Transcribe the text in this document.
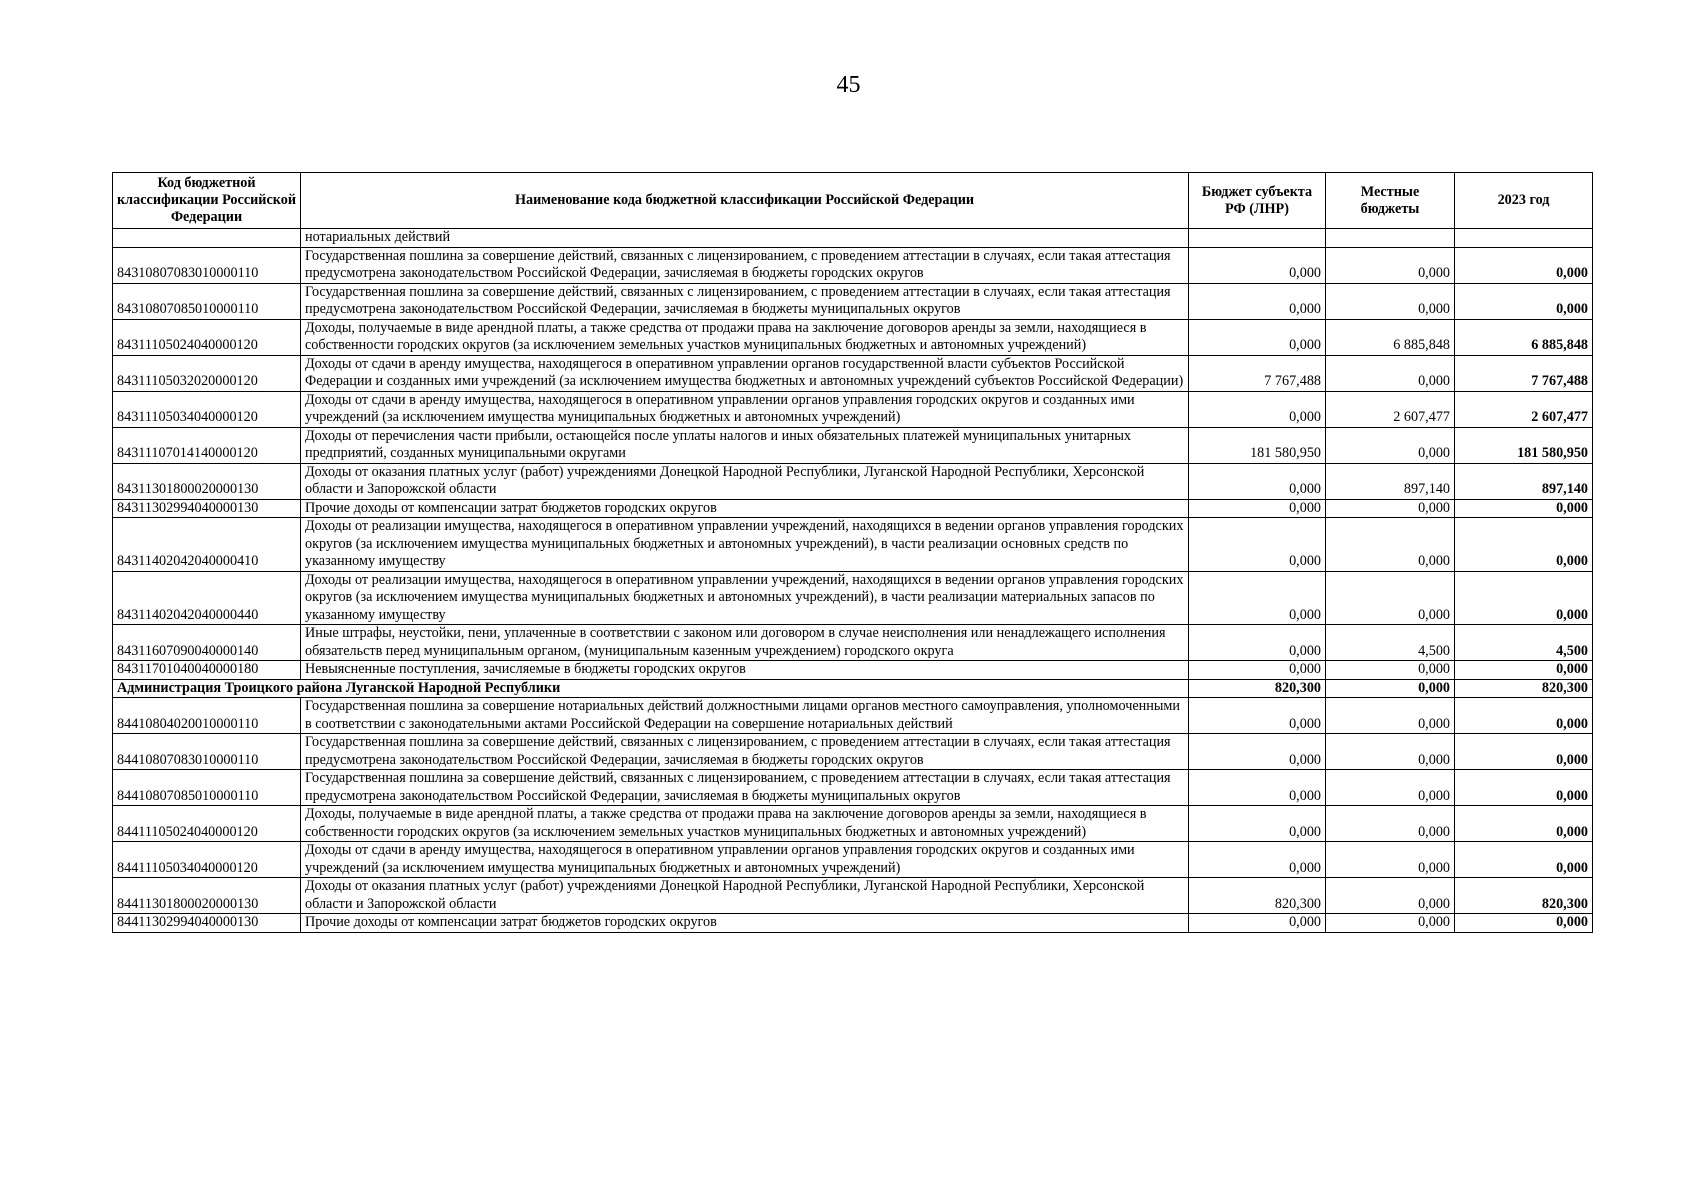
45
Код бюджетной классификации Российской Федерации	Наименование кода бюджетной классификации Российской Федерации	Бюджет субъекта РФ (ЛНР)	Местные бюджеты	2023 год
	нотариальных действий			
84310807083010000110	Государственная пошлина за совершение действий, связанных с лицензированием, с проведением аттестации в случаях, если такая аттестация предусмотрена законодательством Российской Федерации, зачисляемая в бюджеты городских округов	0,000	0,000	0,000
84310807085010000110	Государственная пошлина за совершение действий, связанных с лицензированием, с проведением аттестации в случаях, если такая аттестация предусмотрена законодательством Российской Федерации, зачисляемая в бюджеты муниципальных округов	0,000	0,000	0,000
84311105024040000120	Доходы, получаемые в виде арендной платы, а также средства от продажи права на заключение договоров аренды за земли, находящиеся в собственности городских округов (за исключением земельных участков муниципальных бюджетных и автономных учреждений)	0,000	6 885,848	6 885,848
84311105032020000120	Доходы от сдачи в аренду имущества, находящегося в оперативном управлении органов государственной власти субъектов Российской Федерации и созданных ими учреждений (за исключением имущества бюджетных и автономных учреждений субъектов Российской Федерации)	7 767,488	0,000	7 767,488
84311105034040000120	Доходы от сдачи в аренду имущества, находящегося в оперативном управлении органов управления городских округов и созданных ими учреждений (за исключением имущества муниципальных бюджетных и автономных учреждений)	0,000	2 607,477	2 607,477
84311107014140000120	Доходы от перечисления части прибыли, остающейся после уплаты налогов и иных обязательных платежей муниципальных унитарных предприятий, созданных муниципальными округами	181 580,950	0,000	181 580,950
84311301800020000130	Доходы от оказания платных услуг (работ) учреждениями Донецкой Народной Республики, Луганской Народной Республики, Херсонской области и Запорожской области	0,000	897,140	897,140
84311302994040000130	Прочие доходы от компенсации затрат бюджетов городских округов	0,000	0,000	0,000
84311402042040000410	Доходы от реализации имущества, находящегося в оперативном управлении учреждений, находящихся в ведении органов управления городских округов (за исключением имущества муниципальных бюджетных и автономных учреждений), в части реализации основных средств по указанному имуществу	0,000	0,000	0,000
84311402042040000440	Доходы от реализации имущества, находящегося в оперативном управлении учреждений, находящихся в ведении органов управления городских округов (за исключением имущества муниципальных бюджетных и автономных учреждений), в части реализации материальных запасов по указанному имуществу	0,000	0,000	0,000
84311607090040000140	Иные штрафы, неустойки, пени, уплаченные в соответствии с законом или договором в случае неисполнения или ненадлежащего исполнения обязательств перед муниципальным органом, (муниципальным казенным учреждением) городского округа	0,000	4,500	4,500
84311701040040000180	Невыясненные поступления, зачисляемые в бюджеты городских округов	0,000	0,000	0,000
Администрация Троицкого района Луганской Народной Республики		820,300	0,000	820,300
84410804020010000110	Государственная пошлина за совершение нотариальных действий должностными лицами органов местного самоуправления, уполномоченными в соответствии с законодательными актами Российской Федерации на совершение нотариальных действий	0,000	0,000	0,000
84410807083010000110	Государственная пошлина за совершение действий, связанных с лицензированием, с проведением аттестации в случаях, если такая аттестация предусмотрена законодательством Российской Федерации, зачисляемая в бюджеты городских округов	0,000	0,000	0,000
84410807085010000110	Государственная пошлина за совершение действий, связанных с лицензированием, с проведением аттестации в случаях, если такая аттестация предусмотрена законодательством Российской Федерации, зачисляемая в бюджеты муниципальных округов	0,000	0,000	0,000
84411105024040000120	Доходы, получаемые в виде арендной платы, а также средства от продажи права на заключение договоров аренды за земли, находящиеся в собственности городских округов (за исключением земельных участков муниципальных бюджетных и автономных учреждений)	0,000	0,000	0,000
84411105034040000120	Доходы от сдачи в аренду имущества, находящегося в оперативном управлении органов управления городских округов и созданных ими учреждений (за исключением имущества муниципальных бюджетных и автономных учреждений)	0,000	0,000	0,000
84411301800020000130	Доходы от оказания платных услуг (работ) учреждениями Донецкой Народной Республики, Луганской Народной Республики, Херсонской области и Запорожской области	820,300	0,000	820,300
84411302994040000130	Прочие доходы от компенсации затрат бюджетов городских округов	0,000	0,000	0,000
